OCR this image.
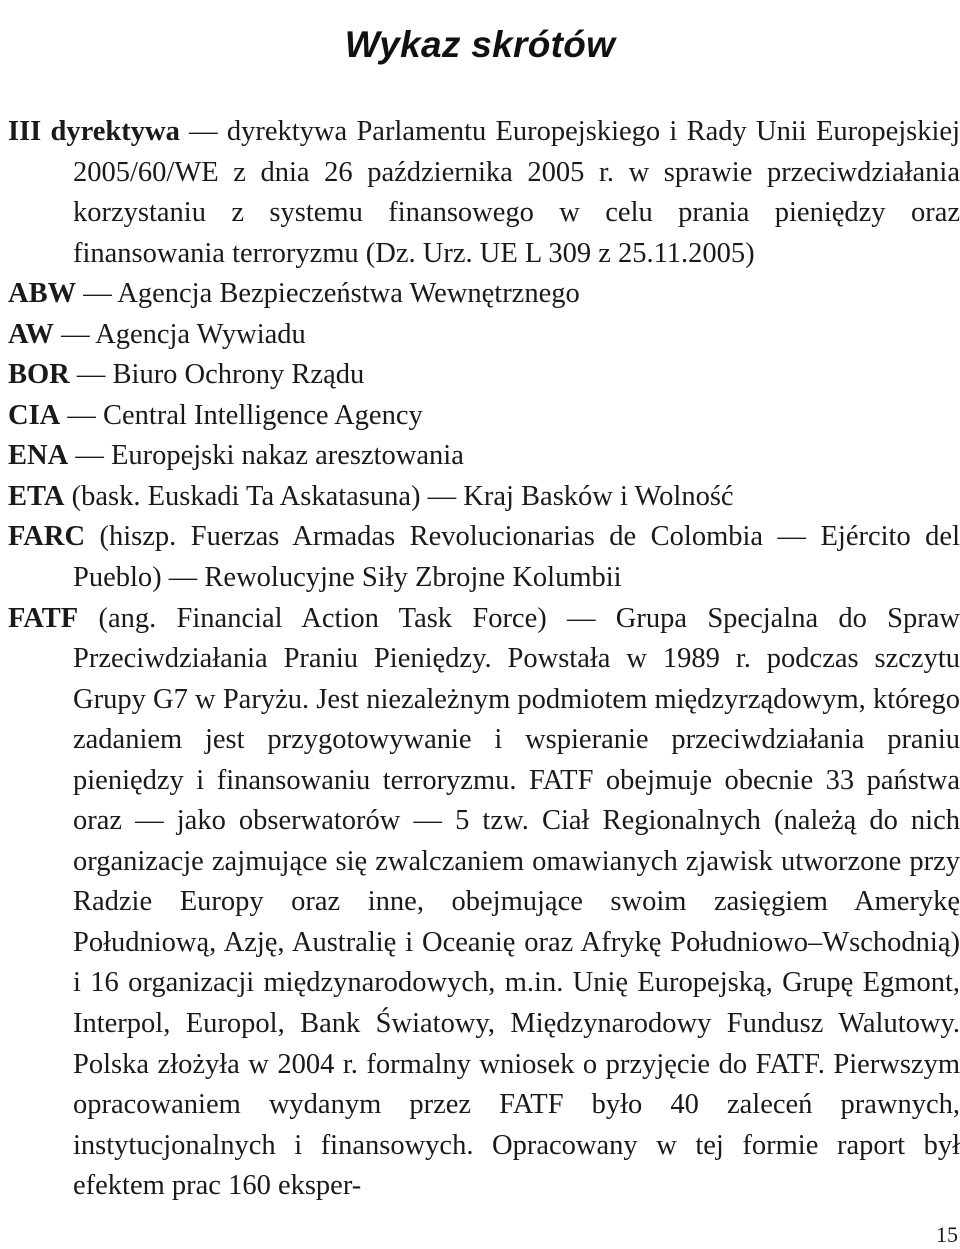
Wykaz skrótów

III dyrektywa — dyrektywa Parlamentu Europejskiego i Rady Unii Europejskiej 2005/60/WE z dnia 26 października 2005 r. w sprawie przeciwdziałania korzystaniu z systemu finansowego w celu prania pieniędzy oraz finansowania terroryzmu (Dz. Urz. UE L 309 z 25.11.2005)

ABW — Agencja Bezpieczeństwa Wewnętrznego

AW — Agencja Wywiadu

BOR — Biuro Ochrony Rządu

CIA — Central Intelligence Agency

ENA — Europejski nakaz aresztowania

ETA (bask. Euskadi Ta Askatasuna) — Kraj Basków i Wolność

FARC (hiszp. Fuerzas Armadas Revolucionarias de Colombia — Ejército del Pueblo) — Rewolucyjne Siły Zbrojne Kolumbii

FATF (ang. Financial Action Task Force) — Grupa Specjalna do Spraw Przeciwdziałania Praniu Pieniędzy. Powstała w 1989 r. podczas szczytu Grupy G7 w Paryżu. Jest niezależnym podmiotem międzyrządowym, którego zadaniem jest przygotowywanie i wspieranie przeciwdziałania praniu pieniędzy i finansowaniu terroryzmu. FATF obejmuje obecnie 33 państwa oraz — jako obserwatorów — 5 tzw. Ciał Regionalnych (należą do nich organizacje zajmujące się zwalczaniem omawianych zjawisk utworzone przy Radzie Europy oraz inne, obejmujące swoim zasięgiem Amerykę Południową, Azję, Australię i Oceanię oraz Afrykę Południowo–Wschodnią) i 16 organizacji międzynarodowych, m.in. Unię Europejską, Grupę Egmont, Interpol, Europol, Bank Światowy, Międzynarodowy Fundusz Walutowy. Polska złożyła w 2004 r. formalny wniosek o przyjęcie do FATF. Pierwszym opracowaniem wydanym przez FATF było 40 zaleceń prawnych, instytucjonalnych i finansowych. Opracowany w tej formie raport był efektem prac 160 eksper-

15
